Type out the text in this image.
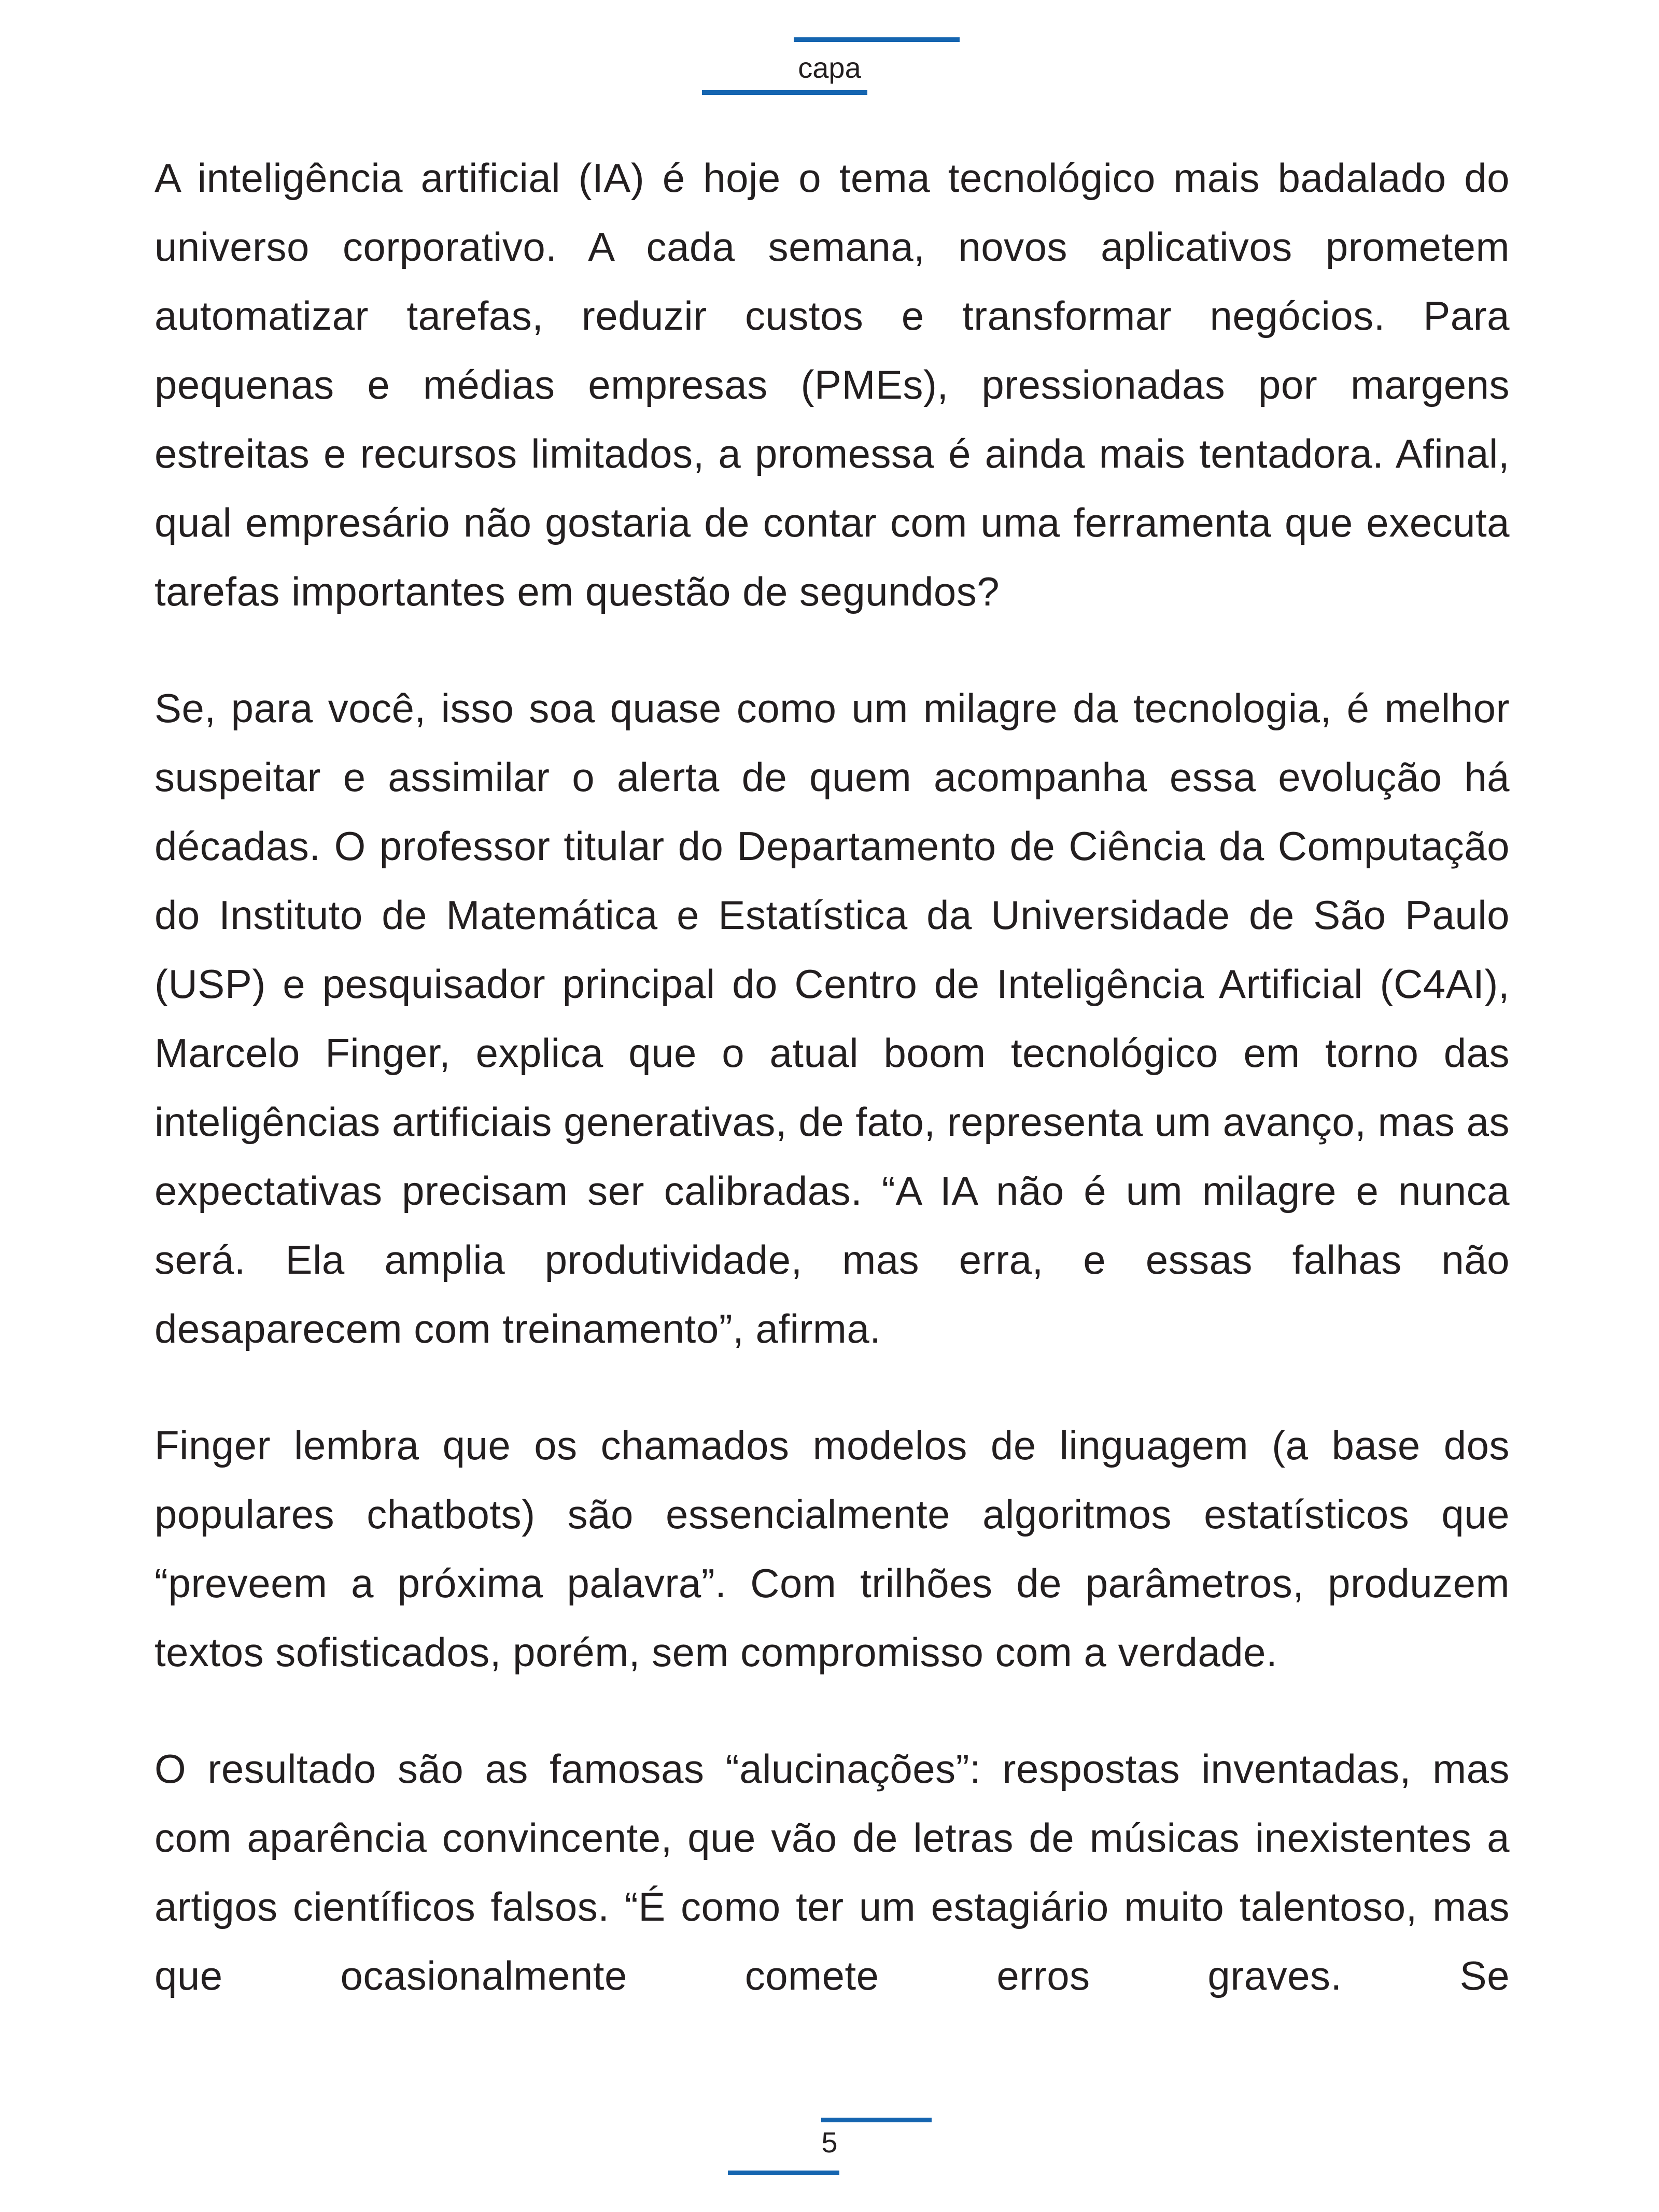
capa

A inteligência artificial (IA) é hoje o tema tecnológico mais badalado do universo corporativo. A cada semana, novos aplicativos prometem automatizar tarefas, reduzir custos e transformar negócios. Para pequenas e médias empresas (PMEs), pressionadas por margens estreitas e recursos limitados, a promessa é ainda mais tentadora. Afinal, qual empresário não gostaria de contar com uma ferramenta que executa tarefas importantes em questão de segundos?

Se, para você, isso soa quase como um milagre da tecnologia, é melhor suspeitar e assimilar o alerta de quem acompanha essa evolução há décadas. O professor titular do Departamento de Ciência da Computação do Instituto de Matemática e Estatística da Universidade de São Paulo (USP) e pesquisador principal do Centro de Inteligência Artificial (C4AI), Marcelo Finger, explica que o atual boom tecnológico em torno das inteligências artificiais generativas, de fato, representa um avanço, mas as expectativas precisam ser calibradas. “A IA não é um milagre e nunca será. Ela amplia produtividade, mas erra, e essas falhas não desaparecem com treinamento”, afirma.

Finger lembra que os chamados modelos de linguagem (a base dos populares chatbots) são essencialmente algoritmos estatísticos que “preveem a próxima palavra”. Com trilhões de parâmetros, produzem textos sofisticados, porém, sem compromisso com a verdade.

O resultado são as famosas “alucinações”: respostas inventadas, mas com aparência convincente, que vão de letras de músicas inexistentes a artigos científicos falsos. “É como ter um estagiário muito talentoso, mas que ocasionalmente comete erros graves. Se

5
